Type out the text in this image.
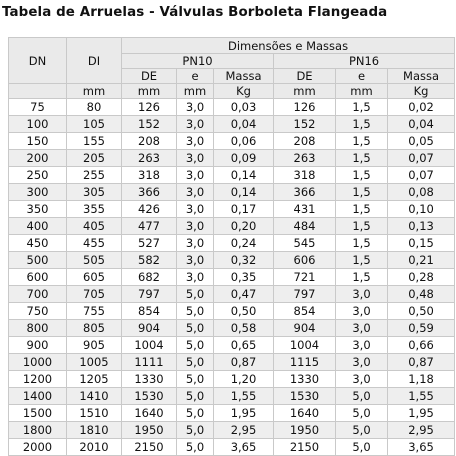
Tabela de Arruelas - Válvulas Borboleta Flangeada
DN	DI	Dimensões e Massas					
		PN10			PN16		
		DE	e	Massa	DE	e	Massa
	mm	mm	mm	Kg	mm	mm	Kg
75	80	126	3,0	0,03	126	1,5	0,02
100	105	152	3,0	0,04	152	1,5	0,04
150	155	208	3,0	0,06	208	1,5	0,05
200	205	263	3,0	0,09	263	1,5	0,07
250	255	318	3,0	0,14	318	1,5	0,07
300	305	366	3,0	0,14	366	1,5	0,08
350	355	426	3,0	0,17	431	1,5	0,10
400	405	477	3,0	0,20	484	1,5	0,13
450	455	527	3,0	0,24	545	1,5	0,15
500	505	582	3,0	0,32	606	1,5	0,21
600	605	682	3,0	0,35	721	1,5	0,28
700	705	797	5,0	0,47	797	3,0	0,48
750	755	854	5,0	0,50	854	3,0	0,50
800	805	904	5,0	0,58	904	3,0	0,59
900	905	1004	5,0	0,65	1004	3,0	0,66
1000	1005	1111	5,0	0,87	1115	3,0	0,87
1200	1205	1330	5,0	1,20	1330	3,0	1,18
1400	1410	1530	5,0	1,55	1530	5,0	1,55
1500	1510	1640	5,0	1,95	1640	5,0	1,95
1800	1810	1950	5,0	2,95	1950	5,0	2,95
2000	2010	2150	5,0	3,65	2150	5,0	3,65
